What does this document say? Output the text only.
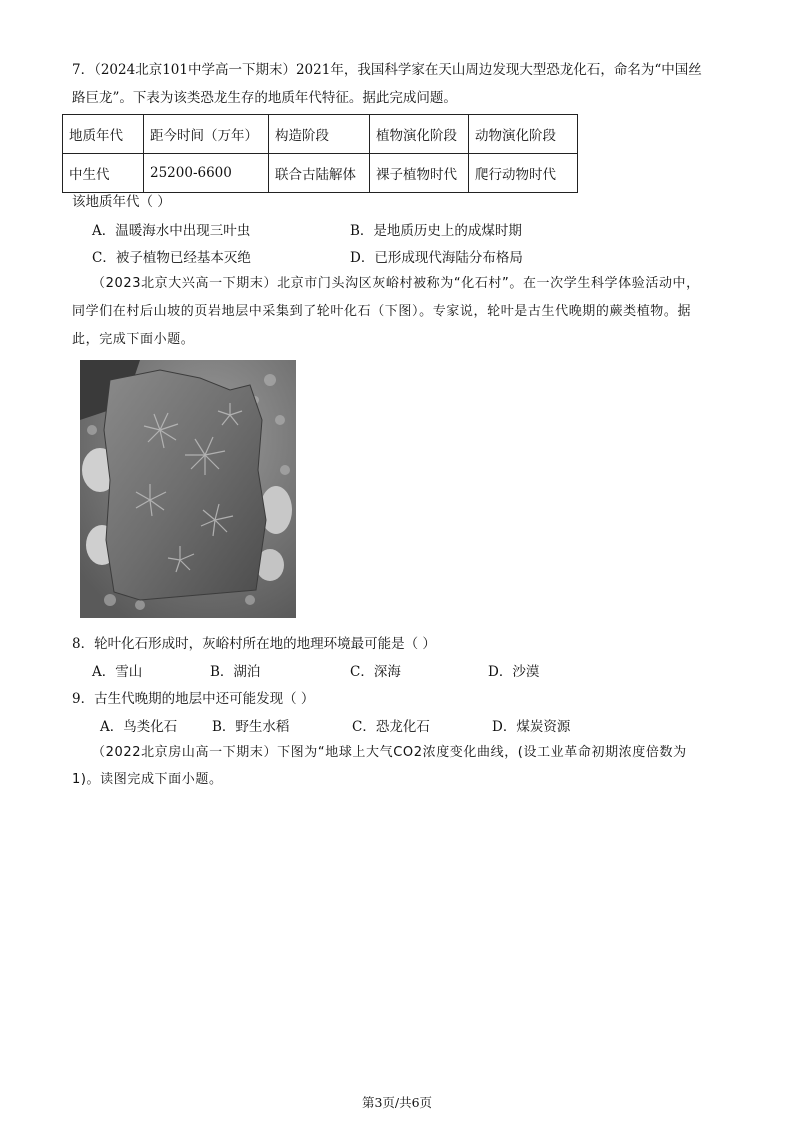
7．（2024北京101中学高一下期末）2021年，我国科学家在天山周边发现大型恐龙化石，命名为“中国丝
路巨龙”。下表为该类恐龙生存的地质年代特征。据此完成问题。
地质年代	距今时间（万年）	构造阶段	植物演化阶段	动物演化阶段
中生代	25200-6600	联合古陆解体	裸子植物时代	爬行动物时代
该地质年代（ ）
A．温暖海水中出现三叶虫	B．是地质历史上的成煤时期
C．被子植物已经基本灭绝	D．已形成现代海陆分布格局
（2023北京大兴高一下期末）北京市门头沟区灰峪村被称为“化石村”。在一次学生科学体验活动中，
同学们在村后山坡的页岩地层中采集到了轮叶化石（下图）。专家说，轮叶是古生代晚期的蕨类植物。据
此，完成下面小题。
8．轮叶化石形成时，灰峪村所在地的地理环境最可能是（ ）
A．雪山	B．湖泊	C．深海	D．沙漠
9．古生代晚期的地层中还可能发现（ ）
A．鸟类化石	B．野生水稻	C．恐龙化石	D．煤炭资源
（2022北京房山高一下期末）下图为“地球上大气CO2浓度变化曲线，(设工业革命初期浓度倍数为
1)。读图完成下面小题。
第3页/共6页
